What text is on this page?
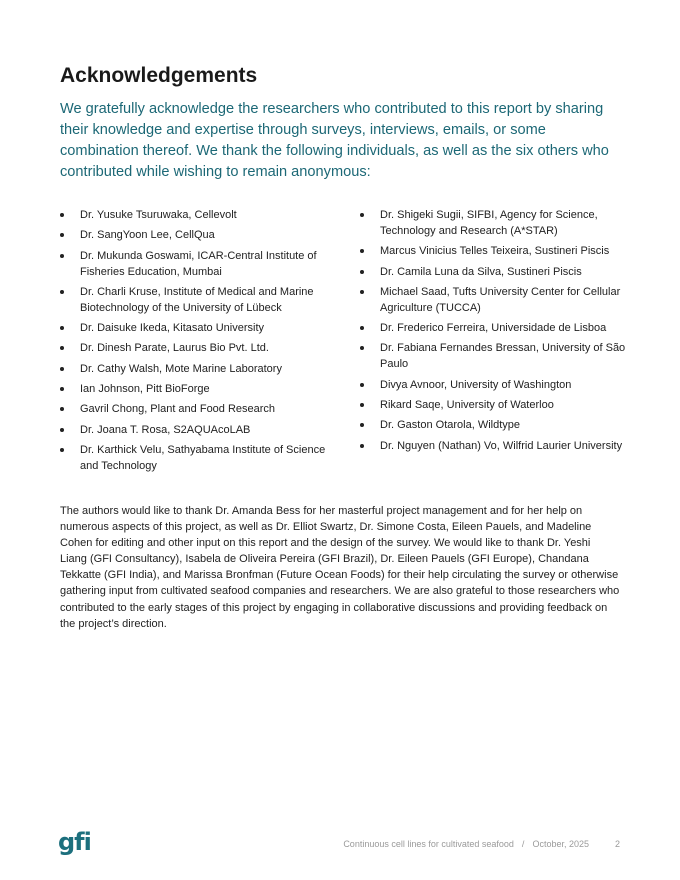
Acknowledgements

We gratefully acknowledge the researchers who contributed to this report by sharing their knowledge and expertise through surveys, interviews, emails, or some combination thereof. We thank the following individuals, as well as the six others who contributed while wishing to remain anonymous:

Dr. Yusuke Tsuruwaka, Cellevolt
Dr. SangYoon Lee, CellQua
Dr. Mukunda Goswami, ICAR-Central Institute of Fisheries Education, Mumbai
Dr. Charli Kruse, Institute of Medical and Marine Biotechnology of the University of Lübeck
Dr. Daisuke Ikeda, Kitasato University
Dr. Dinesh Parate, Laurus Bio Pvt. Ltd.
Dr. Cathy Walsh, Mote Marine Laboratory
Ian Johnson, Pitt BioForge
Gavril Chong, Plant and Food Research
Dr. Joana T. Rosa, S2AQUAcoLAB
Dr. Karthick Velu, Sathyabama Institute of Science and Technology
Dr. Shigeki Sugii, SIFBI, Agency for Science, Technology and Research (A*STAR)
Marcus Vinicius Telles Teixeira, Sustineri Piscis
Dr. Camila Luna da Silva, Sustineri Piscis
Michael Saad, Tufts University Center for Cellular Agriculture (TUCCA)
Dr. Frederico Ferreira, Universidade de Lisboa
Dr. Fabiana Fernandes Bressan, University of São Paulo
Divya Avnoor, University of Washington
Rikard Saqe, University of Waterloo
Dr. Gaston Otarola, Wildtype
Dr. Nguyen (Nathan) Vo, Wilfrid Laurier University

The authors would like to thank Dr. Amanda Bess for her masterful project management and for her help on numerous aspects of this project, as well as Dr. Elliot Swartz, Dr. Simone Costa, Eileen Pauels, and Madeline Cohen for editing and other input on this report and the design of the survey. We would like to thank Dr. Yeshi Liang (GFI Consultancy), Isabela de Oliveira Pereira (GFI Brazil), Dr. Eileen Pauels (GFI Europe), Chandana Tekkatte (GFI India), and Marissa Bronfman (Future Ocean Foods) for their help circulating the survey or otherwise gathering input from cultivated seafood companies and researchers. We are also grateful to those researchers who contributed to the early stages of this project by engaging in collaborative discussions and providing feedback on the project’s direction.

gfi	Continuous cell lines for cultivated seafood / October, 2025	2
